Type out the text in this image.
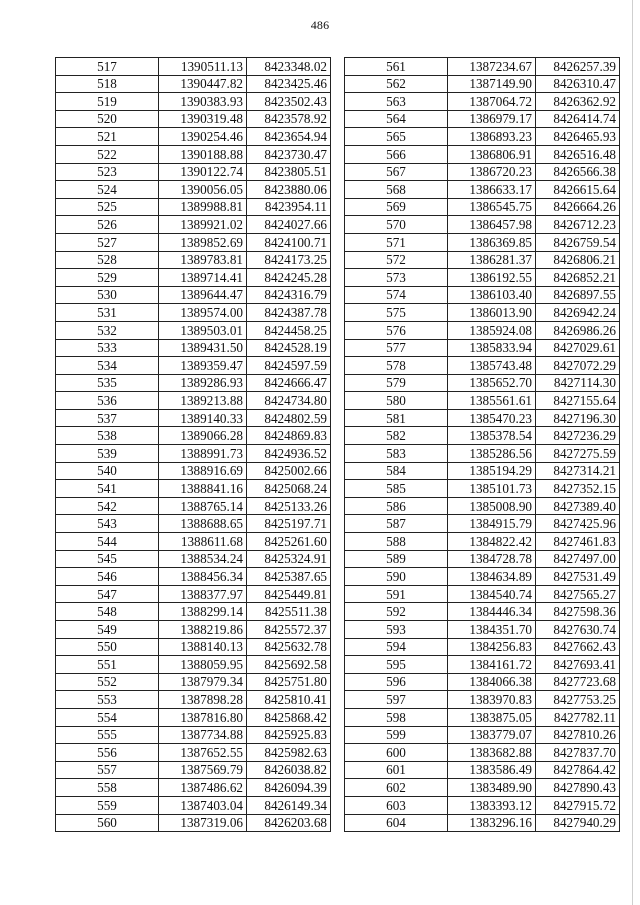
486
517	1390511.13	8423348.02
518	1390447.82	8423425.46
519	1390383.93	8423502.43
520	1390319.48	8423578.92
521	1390254.46	8423654.94
522	1390188.88	8423730.47
523	1390122.74	8423805.51
524	1390056.05	8423880.06
525	1389988.81	8423954.11
526	1389921.02	8424027.66
527	1389852.69	8424100.71
528	1389783.81	8424173.25
529	1389714.41	8424245.28
530	1389644.47	8424316.79
531	1389574.00	8424387.78
532	1389503.01	8424458.25
533	1389431.50	8424528.19
534	1389359.47	8424597.59
535	1389286.93	8424666.47
536	1389213.88	8424734.80
537	1389140.33	8424802.59
538	1389066.28	8424869.83
539	1388991.73	8424936.52
540	1388916.69	8425002.66
541	1388841.16	8425068.24
542	1388765.14	8425133.26
543	1388688.65	8425197.71
544	1388611.68	8425261.60
545	1388534.24	8425324.91
546	1388456.34	8425387.65
547	1388377.97	8425449.81
548	1388299.14	8425511.38
549	1388219.86	8425572.37
550	1388140.13	8425632.78
551	1388059.95	8425692.58
552	1387979.34	8425751.80
553	1387898.28	8425810.41
554	1387816.80	8425868.42
555	1387734.88	8425925.83
556	1387652.55	8425982.63
557	1387569.79	8426038.82
558	1387486.62	8426094.39
559	1387403.04	8426149.34
560	1387319.06	8426203.68
561	1387234.67	8426257.39
562	1387149.90	8426310.47
563	1387064.72	8426362.92
564	1386979.17	8426414.74
565	1386893.23	8426465.93
566	1386806.91	8426516.48
567	1386720.23	8426566.38
568	1386633.17	8426615.64
569	1386545.75	8426664.26
570	1386457.98	8426712.23
571	1386369.85	8426759.54
572	1386281.37	8426806.21
573	1386192.55	8426852.21
574	1386103.40	8426897.55
575	1386013.90	8426942.24
576	1385924.08	8426986.26
577	1385833.94	8427029.61
578	1385743.48	8427072.29
579	1385652.70	8427114.30
580	1385561.61	8427155.64
581	1385470.23	8427196.30
582	1385378.54	8427236.29
583	1385286.56	8427275.59
584	1385194.29	8427314.21
585	1385101.73	8427352.15
586	1385008.90	8427389.40
587	1384915.79	8427425.96
588	1384822.42	8427461.83
589	1384728.78	8427497.00
590	1384634.89	8427531.49
591	1384540.74	8427565.27
592	1384446.34	8427598.36
593	1384351.70	8427630.74
594	1384256.83	8427662.43
595	1384161.72	8427693.41
596	1384066.38	8427723.68
597	1383970.83	8427753.25
598	1383875.05	8427782.11
599	1383779.07	8427810.26
600	1383682.88	8427837.70
601	1383586.49	8427864.42
602	1383489.90	8427890.43
603	1383393.12	8427915.72
604	1383296.16	8427940.29
